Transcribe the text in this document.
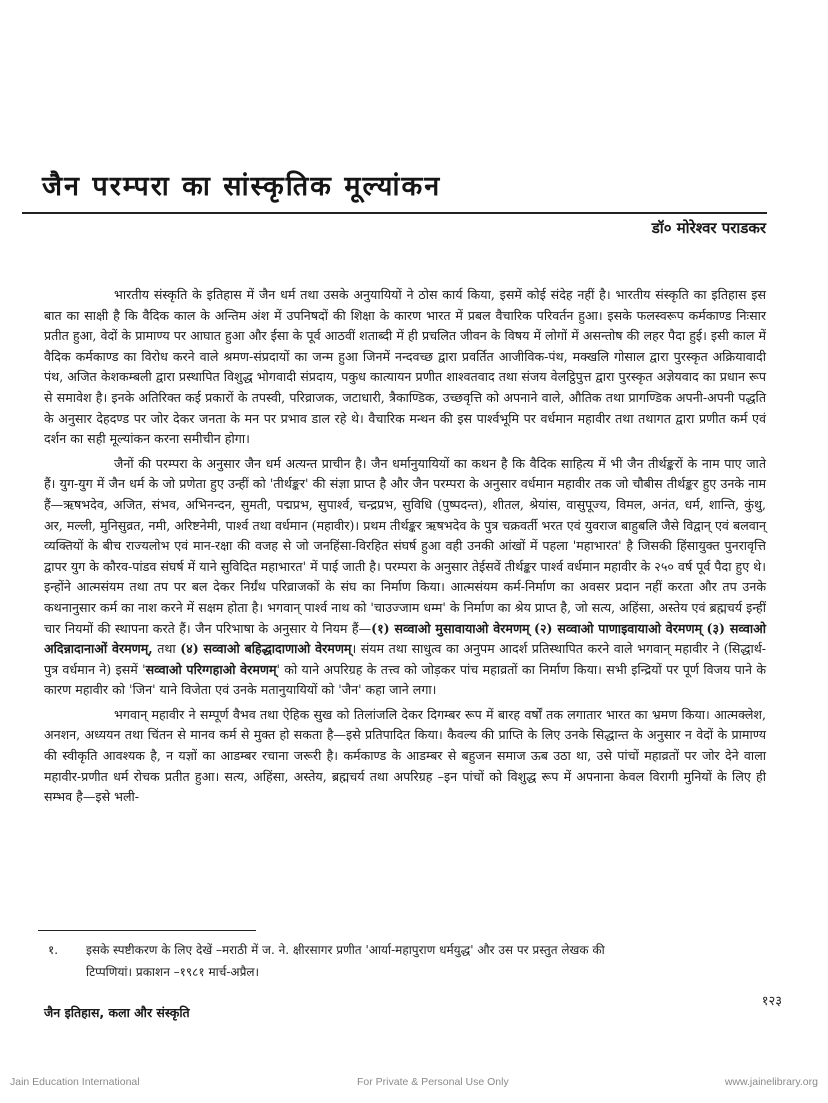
जैन परम्परा का सांस्कृतिक मूल्यांकन
डॉ० मोरेश्वर पराडकर

भारतीय संस्कृति के इतिहास में जैन धर्म तथा उसके अनुयायियों ने ठोस कार्य किया, इसमें कोई संदेह नहीं है। भारतीय संस्कृति का इतिहास इस बात का साक्षी है कि वैदिक काल के अन्तिम अंश में उपनिषदों की शिक्षा के कारण भारत में प्रबल वैचारिक परिवर्तन हुआ। इसके फलस्वरूप कर्मकाण्ड निःसार प्रतीत हुआ, वेदों के प्रामाण्य पर आघात हुआ और ईसा के पूर्व आठवीं शताब्दी में ही प्रचलित जीवन के विषय में लोगों में असन्तोष की लहर पैदा हुई। इसी काल में वैदिक कर्मकाण्ड का विरोध करने वाले श्रमण-संप्रदायों का जन्म हुआ जिनमें नन्दवच्छ द्वारा प्रवर्तित आजीविक-पंथ, मक्खलि गोसाल द्वारा पुरस्कृत अक्रियावादी पंथ, अजित केशकम्बली द्वारा प्रस्थापित विशुद्ध भोगवादी संप्रदाय, पकुध कात्यायन प्रणीत शाश्वतवाद तथा संजय वेलट्ठिपुत्त द्वारा पुरस्कृत अज्ञेयवाद का प्रधान रूप से समावेश है। इनके अतिरिक्त कई प्रकारों के तपस्वी, परिव्राजक, जटाधारी, त्रैकाण्डिक, उच्छवृत्ति को अपनाने वाले, औतिक तथा प्रागण्डिक अपनी-अपनी पद्धति के अनुसार देहदण्ड पर जोर देकर जनता के मन पर प्रभाव डाल रहे थे। वैचारिक मन्थन की इस पार्श्वभूमि पर वर्धमान महावीर तथा तथागत द्वारा प्रणीत कर्म एवं दर्शन का सही मूल्यांकन करना समीचीन होगा।

जैनों की परम्परा के अनुसार जैन धर्म अत्यन्त प्राचीन है। जैन धर्मानुयायियों का कथन है कि वैदिक साहित्य में भी जैन तीर्थङ्करों के नाम पाए जाते हैं। युग-युग में जैन धर्म के जो प्रणेता हुए उन्हीं को 'तीर्थङ्कर' की संज्ञा प्राप्त है और जैन परम्परा के अनुसार वर्धमान महावीर तक जो चौबीस तीर्थङ्कर हुए उनके नाम हैं—ऋषभदेव, अजित, संभव, अभिनन्दन, सुमती, पद्मप्रभ, सुपार्श्व, चन्द्रप्रभ, सुविधि (पुष्पदन्त), शीतल, श्रेयांस, वासुपूज्य, विमल, अनंत, धर्म, शान्ति, कुंथु, अर, मल्ली, मुनिसुव्रत, नमी, अरिष्टनेमी, पार्श्व तथा वर्धमान (महावीर)। प्रथम तीर्थङ्कर ऋषभदेव के पुत्र चक्रवर्ती भरत एवं युवराज बाहुबलि जैसे विद्वान् एवं बलवान् व्यक्तियों के बीच राज्यलोभ एवं मान-रक्षा की वजह से जो जनहिंसा-विरहित संघर्ष हुआ वही उनकी आंखों में पहला 'महाभारत' है जिसकी हिंसायुक्त पुनरावृत्ति द्वापर युग के कौरव-पांडव संघर्ष में याने सुविदित महाभारत' में पाई जाती है। परम्परा के अनुसार तेईसवें तीर्थङ्कर पार्श्व वर्धमान महावीर के २५० वर्ष पूर्व पैदा हुए थे। इन्होंने आत्मसंयम तथा तप पर बल देकर निर्ग्रंथ परिव्राजकों के संघ का निर्माण किया। आत्मसंयम कर्म-निर्माण का अवसर प्रदान नहीं करता और तप उनके कथनानुसार कर्म का नाश करने में सक्षम होता है। भगवान् पार्श्व नाथ को 'चाउज्जाम धम्म' के निर्माण का श्रेय प्राप्त है, जो सत्य, अहिंसा, अस्तेय एवं ब्रह्मचर्य इन्हीं चार नियमों की स्थापना करते हैं। जैन परिभाषा के अनुसार ये नियम हैं—(१) सव्वाओ मुसावायाओ वेरमणम् (२) सव्वाओ पाणाइवायाओ वेरमणम् (३) सव्वाओ अदिन्नादानाओं वेरमणम्, तथा (४) सव्वाओ बहिद्धादाणाओ वेरमणम्। संयम तथा साधुत्व का अनुपम आदर्श प्रतिस्थापित करने वाले भगवान् महावीर ने (सिद्धार्थ-पुत्र वर्धमान ने) इसमें 'सव्वाओ परिग्गहाओ वेरमणम्' को याने अपरिग्रह के तत्त्व को जोड़कर पांच महाव्रतों का निर्माण किया। सभी इन्द्रियों पर पूर्ण विजय पाने के कारण महावीर को 'जिन' याने विजेता एवं उनके मतानुयायियों को 'जैन' कहा जाने लगा।

भगवान् महावीर ने सम्पूर्ण वैभव तथा ऐहिक सुख को तिलांजलि देकर दिगम्बर रूप में बारह वर्षों तक लगातार भारत का भ्रमण किया। आत्मक्लेश, अनशन, अध्ययन तथा चिंतन से मानव कर्म से मुक्त हो सकता है—इसे प्रतिपादित किया। कैवल्य की प्राप्ति के लिए उनके सिद्धान्त के अनुसार न वेदों के प्रामाण्य की स्वीकृति आवश्यक है, न यज्ञों का आडम्बर रचाना जरूरी है। कर्मकाण्ड के आडम्बर से बहुजन समाज ऊब उठा था, उसे पांचों महाव्रतों पर जोर देने वाला महावीर-प्रणीत धर्म रोचक प्रतीत हुआ। सत्य, अहिंसा, अस्तेय, ब्रह्मचर्य तथा अपरिग्रह –इन पांचों को विशुद्ध रूप में अपनाना केवल विरागी मुनियों के लिए ही सम्भव है—इसे भली-

१. इसके स्पष्टीकरण के लिए देखें –मराठी में ज. ने. क्षीरसागर प्रणीत 'आर्या-महापुराण धर्मयुद्ध' और उस पर प्रस्तुत लेखक की
टिप्पणियां। प्रकाशन –१९८१ मार्च-अप्रैल।
जैन इतिहास, कला और संस्कृति
१२३
Jain Education International	For Private & Personal Use Only	www.jainelibrary.org
